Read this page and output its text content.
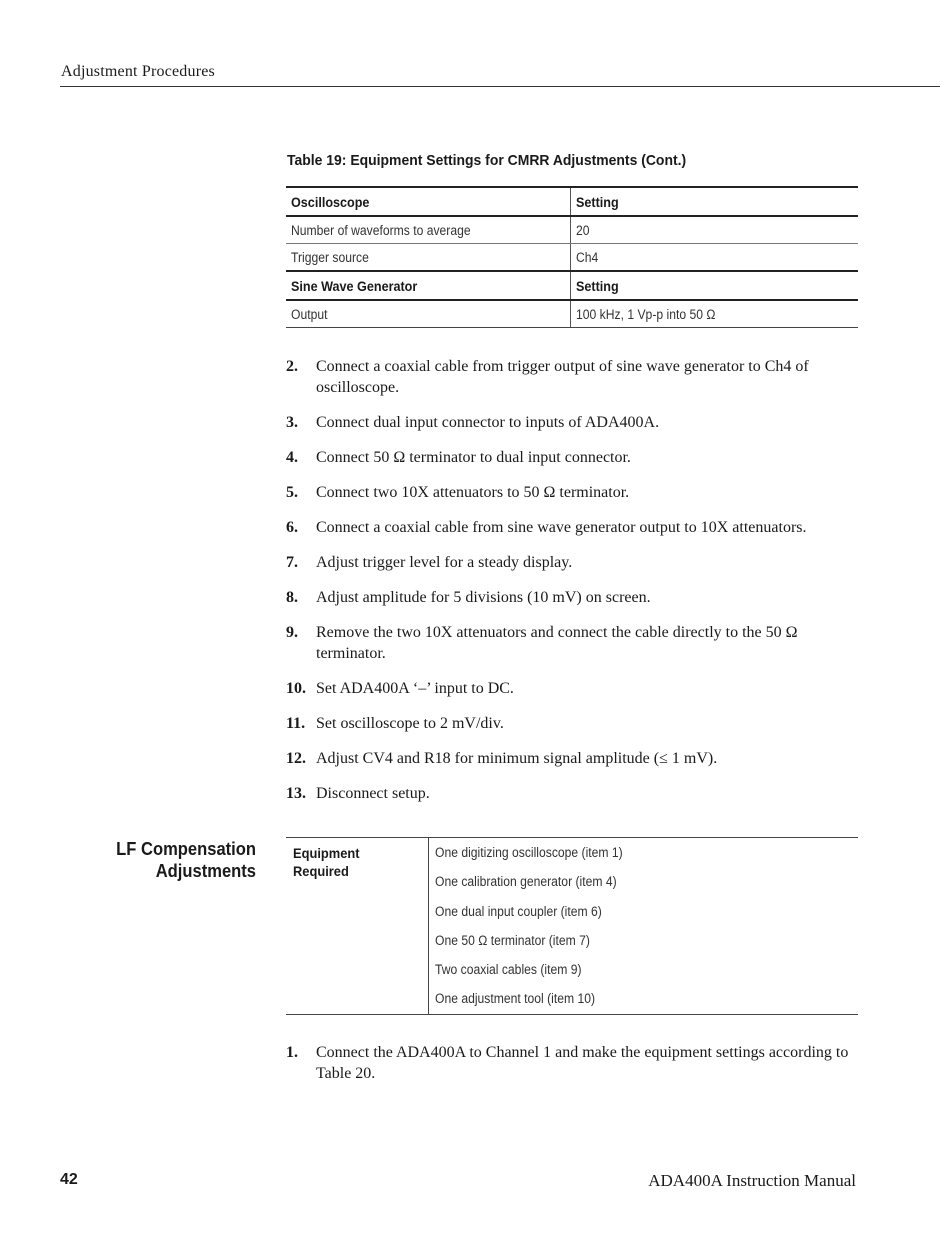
Adjustment Procedures
Table 19: Equipment Settings for CMRR Adjustments (Cont.)
Oscilloscope	Setting
Number of waveforms to average	20
Trigger source	Ch4
Sine Wave Generator	Setting
Output	100 kHz, 1 Vp-p into 50 Ω
2. Connect a coaxial cable from trigger output of sine wave generator to Ch4 of oscilloscope.
3. Connect dual input connector to inputs of ADA400A.
4. Connect 50 Ω terminator to dual input connector.
5. Connect two 10X attenuators to 50 Ω terminator.
6. Connect a coaxial cable from sine wave generator output to 10X attenuators.
7. Adjust trigger level for a steady display.
8. Adjust amplitude for 5 divisions (10 mV) on screen.
9. Remove the two 10X attenuators and connect the cable directly to the 50 Ω terminator.
10. Set ADA400A ‘–’ input to DC.
11. Set oscilloscope to 2 mV/div.
12. Adjust CV4 and R18 for minimum signal amplitude (≤ 1 mV).
13. Disconnect setup.
LF Compensation
Adjustments
Equipment
Required
One digitizing oscilloscope (item 1)
One calibration generator (item 4)
One dual input coupler (item 6)
One 50 Ω terminator (item 7)
Two coaxial cables (item 9)
One adjustment tool (item 10)
1. Connect the ADA400A to Channel 1 and make the equipment settings according to Table 20.
42	ADA400A Instruction Manual
